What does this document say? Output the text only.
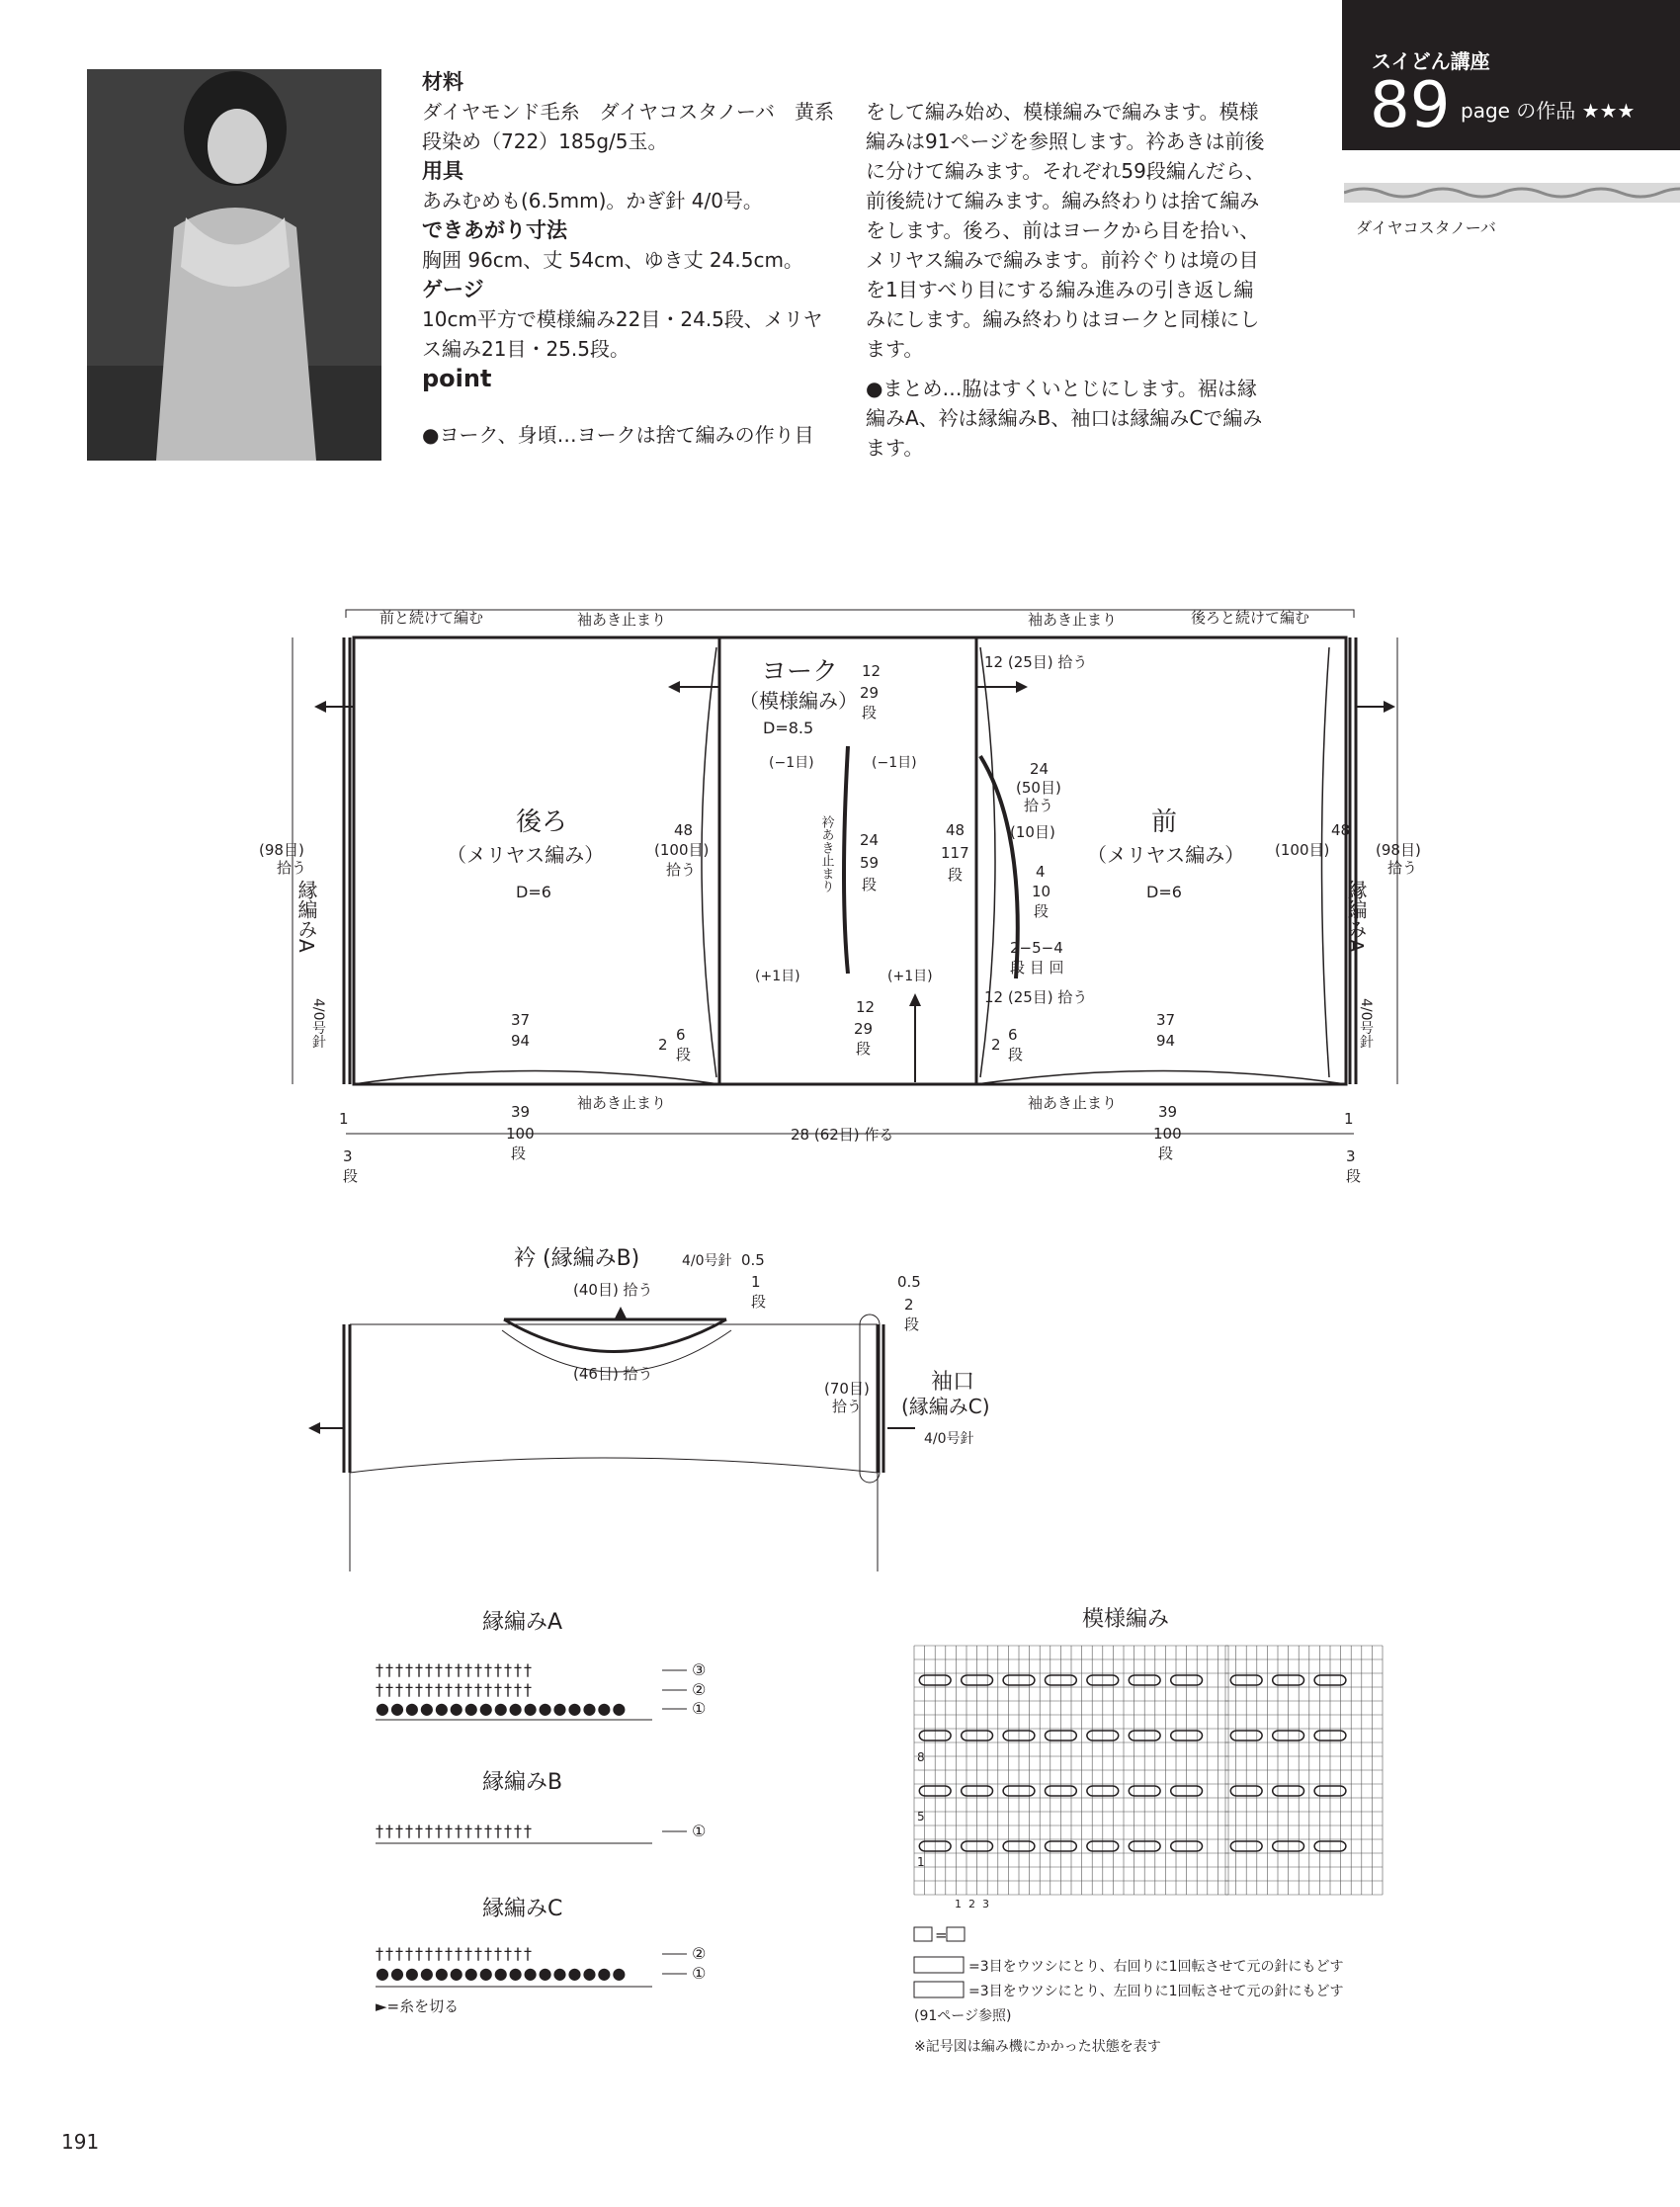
材料
ダイヤモンド毛糸　ダイヤコスタノーバ　黄系段染め（722）185g/5玉。
用具
あみむめも(6.5mm)。かぎ針 4/0号。
できあがり寸法
胸囲 96cm、丈 54cm、ゆき丈 24.5cm。
ゲージ
10cm平方で模様編み22目・24.5段、メリヤス編み21目・25.5段。
point
●ヨーク、身頃…ヨークは捨て編みの作り目

をして編み始め、模様編みで編みます。模様編みは91ページを参照します。衿あきは前後に分けて編みます。それぞれ59段編んだら、前後続けて編みます。編み終わりは捨て編みをします。後ろ、前はヨークから目を拾い、メリヤス編みで編みます。前衿ぐりは境の目を1目すべり目にする編み進みの引き返し編みにします。編み終わりはヨークと同様にします。

●まとめ…脇はすくいとじにします。裾は縁編みA、衿は縁編みB、袖口は縁編みCで編みます。
スイどん講座
89 page の作品 ★★★
ダイヤコスタノーバ
後ろ
（メリヤス編み）
D=6
前
（メリヤス編み）
D=6
ヨーク
（模様編み）
D=8.5
前と続けて編む	後ろと続けて編む
袖あき止まり	袖あき止まり
袖あき止まり	袖あき止まり
12 (25目) 拾う
12 (25目) 拾う
(98目)
拾う
(98目)
拾う
縁編みA	縁編みA
4/0号針	4/0号針
28 (62目) 作る
48
(100目)
拾う
48
117
段
48
(100目)
37
94
37
94
39
100
段
39
100
段
12
29
段
12
29
段
24
59
段
衿あき止まり
(−1目)	(−1目)
(+1目)	(+1目)
24
(50目)
拾う
(10目)
4
10
段
2−5−4
段 目 回
2
6
段
2
6
段
1
3
段
1
3
段
衿 (縁編みB)	4/0号針
(40目) 拾う
(46目) 拾う
0.5
1
段
0.5
2
段
袖口
(縁編みC)
4/0号針
(70目)
拾う
縁編みA
††††††††††††††††
††††††††††††††††
●●●●●●●●●●●●●●●●●
③
②
①
縁編みB
††††††††††††††††	①
縁編みC
††††††††††††††††
●●●●●●●●●●●●●●●●●
②
①
►=糸を切る
模様編み
8
5
1
1 2 3
=
=3目をウツシにとり、右回りに1回転させて元の針にもどす
=3目をウツシにとり、左回りに1回転させて元の針にもどす
(91ページ参照)
※記号図は編み機にかかった状態を表す
191
